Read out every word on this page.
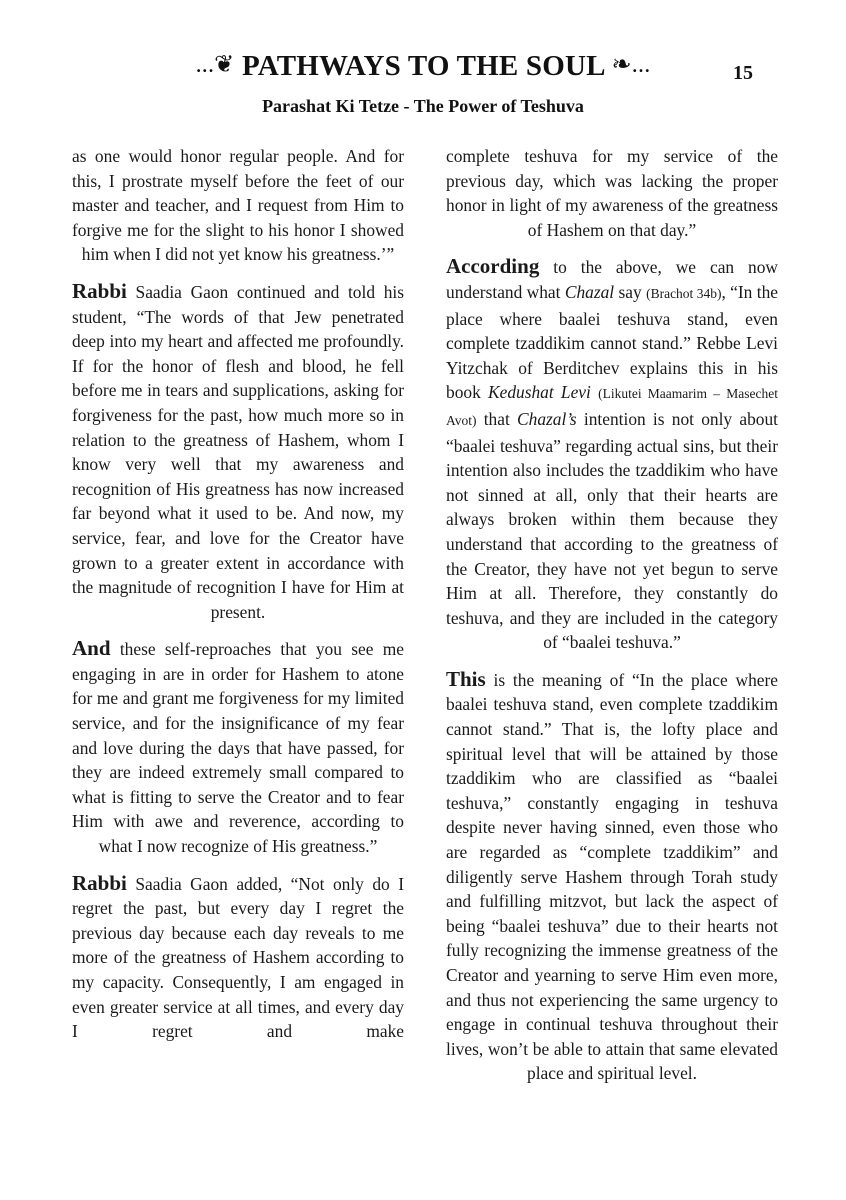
...❦ PATHWAYS TO THE SOUL ❧...	15
Parashat Ki Tetze - The Power of Teshuva

as one would honor regular people. And for this, I prostrate myself before the feet of our master and teacher, and I request from Him to forgive me for the slight to his honor I showed him when I did not yet know his greatness.’”

Rabbi Saadia Gaon continued and told his student, “The words of that Jew penetrated deep into my heart and affected me profoundly. If for the honor of flesh and blood, he fell before me in tears and supplications, asking for forgiveness for the past, how much more so in relation to the greatness of Hashem, whom I know very well that my awareness and recognition of His greatness has now increased far beyond what it used to be. And now, my service, fear, and love for the Creator have grown to a greater extent in accordance with the magnitude of recognition I have for Him at present.

And these self-reproaches that you see me engaging in are in order for Hashem to atone for me and grant me forgiveness for my limited service, and for the insignificance of my fear and love during the days that have passed, for they are indeed extremely small compared to what is fitting to serve the Creator and to fear Him with awe and reverence, according to what I now recognize of His greatness.”

Rabbi Saadia Gaon added, “Not only do I regret the past, but every day I regret the previous day because each day reveals to me more of the greatness of Hashem according to my capacity. Consequently, I am engaged in even greater service at all times, and every day I regret and make

complete teshuva for my service of the previous day, which was lacking the proper honor in light of my awareness of the greatness of Hashem on that day.”

According to the above, we can now understand what Chazal say (Brachot 34b), “In the place where baalei teshuva stand, even complete tzaddikim cannot stand.” Rebbe Levi Yitzchak of Berditchev explains this in his book Kedushat Levi (Likutei Maamarim – Masechet Avot) that Chazal’s intention is not only about “baalei teshuva” regarding actual sins, but their intention also includes the tzaddikim who have not sinned at all, only that their hearts are always broken within them because they understand that according to the greatness of the Creator, they have not yet begun to serve Him at all. Therefore, they constantly do teshuva, and they are included in the category of “baalei teshuva.”

This is the meaning of “In the place where baalei teshuva stand, even complete tzaddikim cannot stand.” That is, the lofty place and spiritual level that will be attained by those tzaddikim who are classified as “baalei teshuva,” constantly engaging in teshuva despite never having sinned, even those who are regarded as “complete tzaddikim” and diligently serve Hashem through Torah study and fulfilling mitzvot, but lack the aspect of being “baalei teshuva” due to their hearts not fully recognizing the immense greatness of the Creator and yearning to serve Him even more, and thus not experiencing the same urgency to engage in continual teshuva throughout their lives, won’t be able to attain that same elevated place and spiritual level.
